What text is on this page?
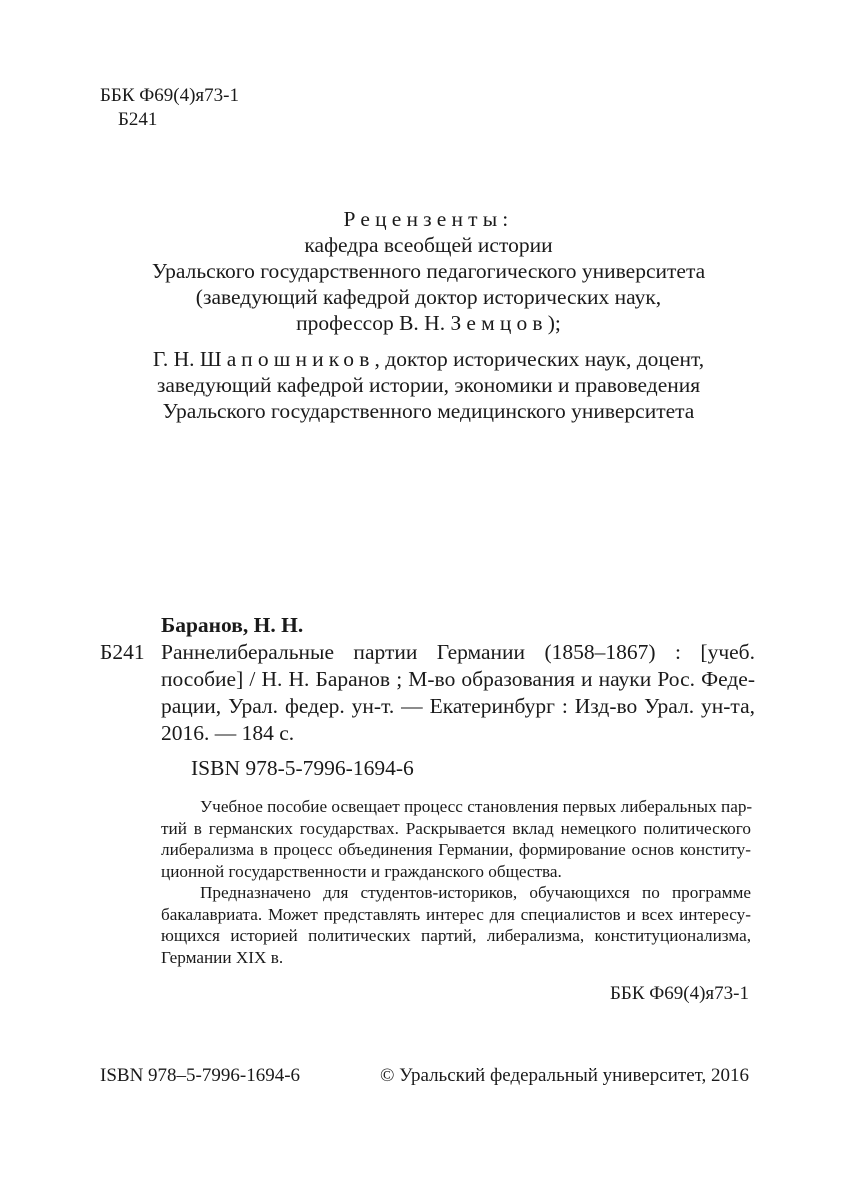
ББК Ф69(4)я73-1
Б241
Рецензенты:
кафедра всеобщей истории
Уральского государственного педагогического университета
(заведующий кафедрой доктор исторических наук,
профессор В. Н. Земцов);
Г. Н. Шапошников, доктор исторических наук, доцент,
заведующий кафедрой истории, экономики и правоведения
Уральского государственного медицинского университета
Баранов, Н. Н.
Б241 Раннелиберальные партии Германии (1858–1867) : [учеб.
пособие] / Н. Н. Баранов ; М-во образования и науки Рос. Феде-
рации, Урал. федер. ун-т. — Екатеринбург : Изд-во Урал. ун-та,
2016. — 184 с.
ISBN 978-5-7996-1694-6
Учебное пособие освещает процесс становления первых либеральных пар-
тий в германских государствах. Раскрывается вклад немецкого политического
либерализма в процесс объединения Германии, формирование основ конститу-
ционной государственности и гражданского общества.
Предназначено для студентов-историков, обучающихся по программе
бакалавриата. Может представлять интерес для специалистов и всех интересу-
ющихся историей политических партий, либерализма, конституционализма,
Германии XIX в.
ББК Ф69(4)я73-1
ISBN 978–5-7996-1694-6	© Уральский федеральный университет, 2016
